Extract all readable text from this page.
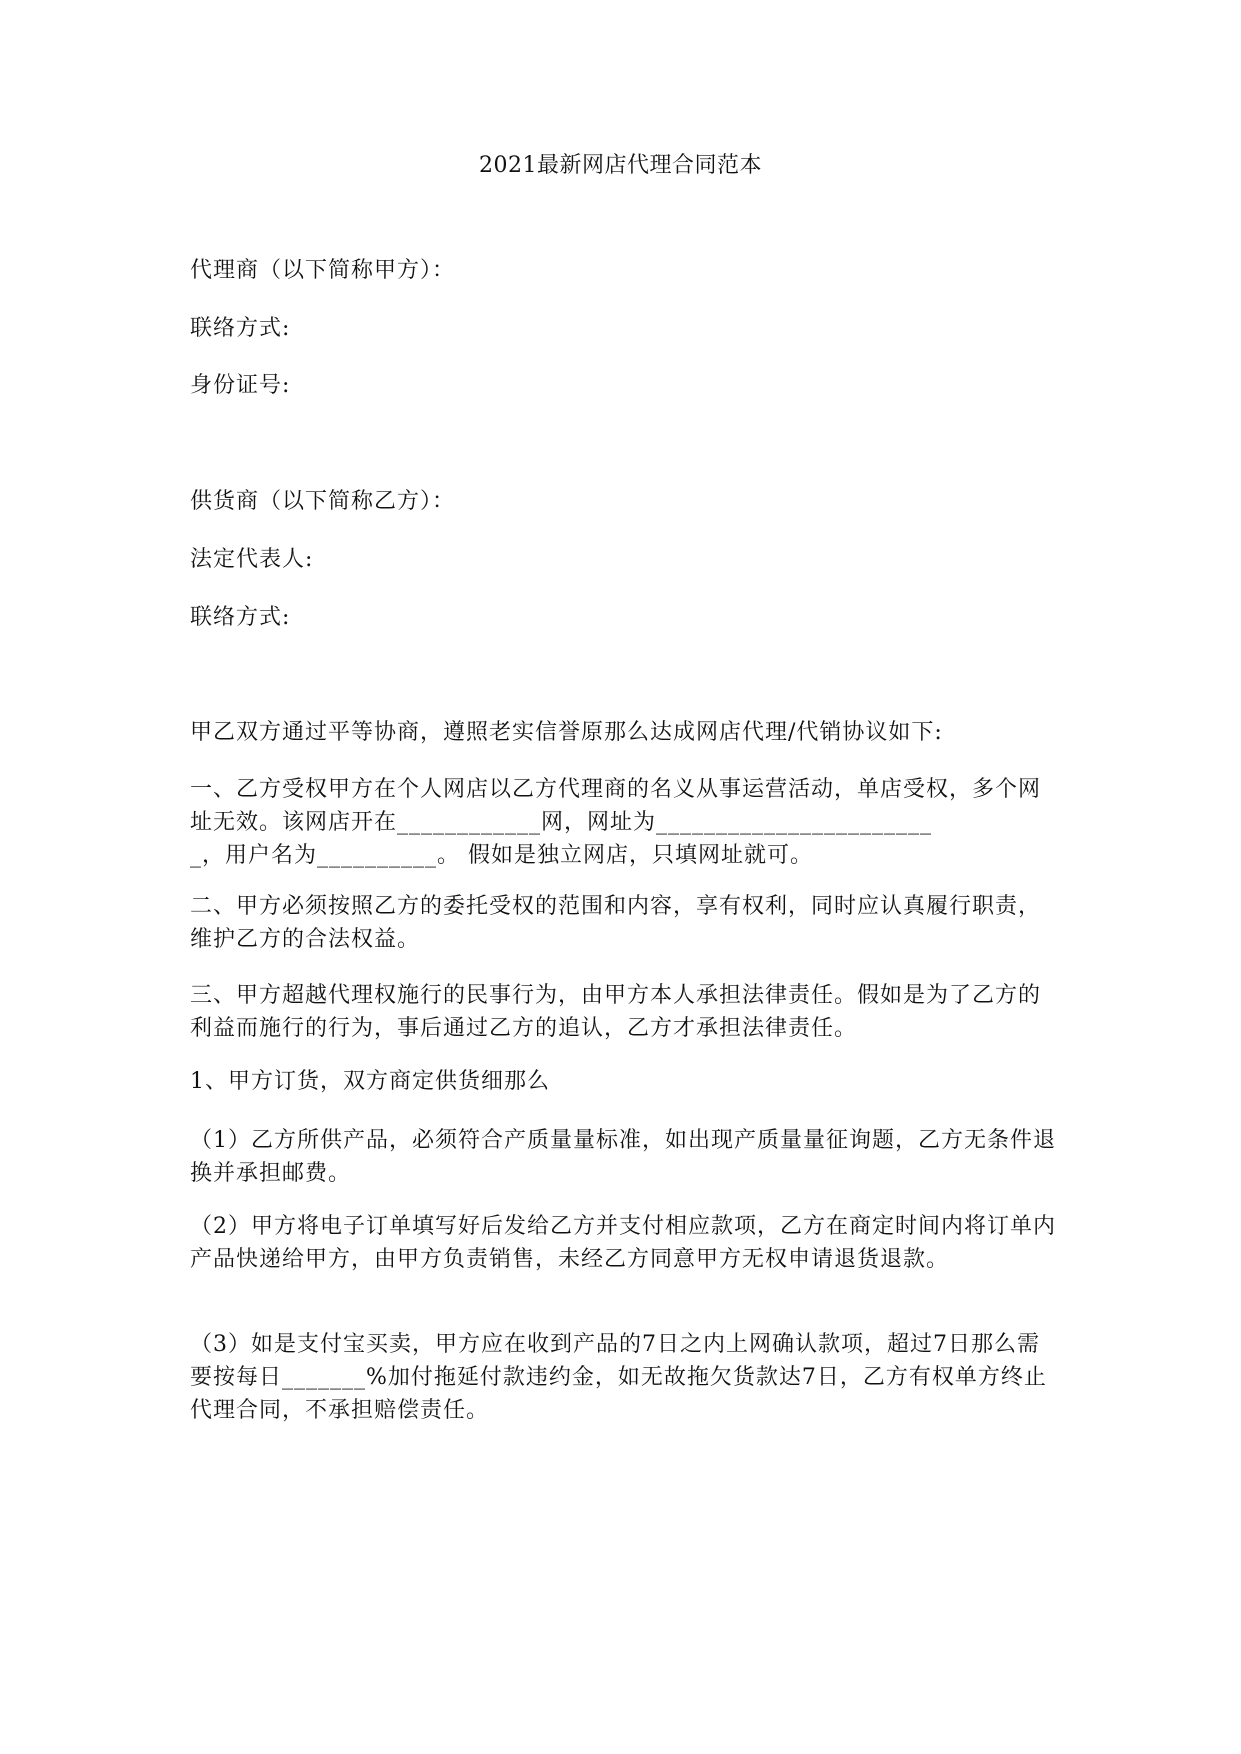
2021最新网店代理合同范本
代理商（以下简称甲方）：
联络方式:
身份证号:
供货商（以下简称乙方）：
法定代表人:
联络方式:
甲乙双方通过平等协商，遵照老实信誉原那么达成网店代理/代销协议如下:
一、乙方受权甲方在个人网店以乙方代理商的名义从事运营活动，单店受权，多个网址无效。该网店开在____________网，网址为_______________________
_，用户名为__________。 假如是独立网店，只填网址就可。
二、甲方必须按照乙方的委托受权的范围和内容，享有权利，同时应认真履行职责，维护乙方的合法权益。
三、甲方超越代理权施行的民事行为，由甲方本人承担法律责任。假如是为了乙方的利益而施行的行为，事后通过乙方的追认，乙方才承担法律责任。
1、甲方订货，双方商定供货细那么
（1）乙方所供产品，必须符合产质量量标准，如出现产质量量征询题，乙方无条件退换并承担邮费。
（2）甲方将电子订单填写好后发给乙方并支付相应款项，乙方在商定时间内将订单内产品快递给甲方，由甲方负责销售，未经乙方同意甲方无权申请退货退款。
（3）如是支付宝买卖，甲方应在收到产品的7日之内上网确认款项，超过7日那么需要按每日_______%加付拖延付款违约金，如无故拖欠货款达7日，乙方有权单方终止代理合同，不承担赔偿责任。
